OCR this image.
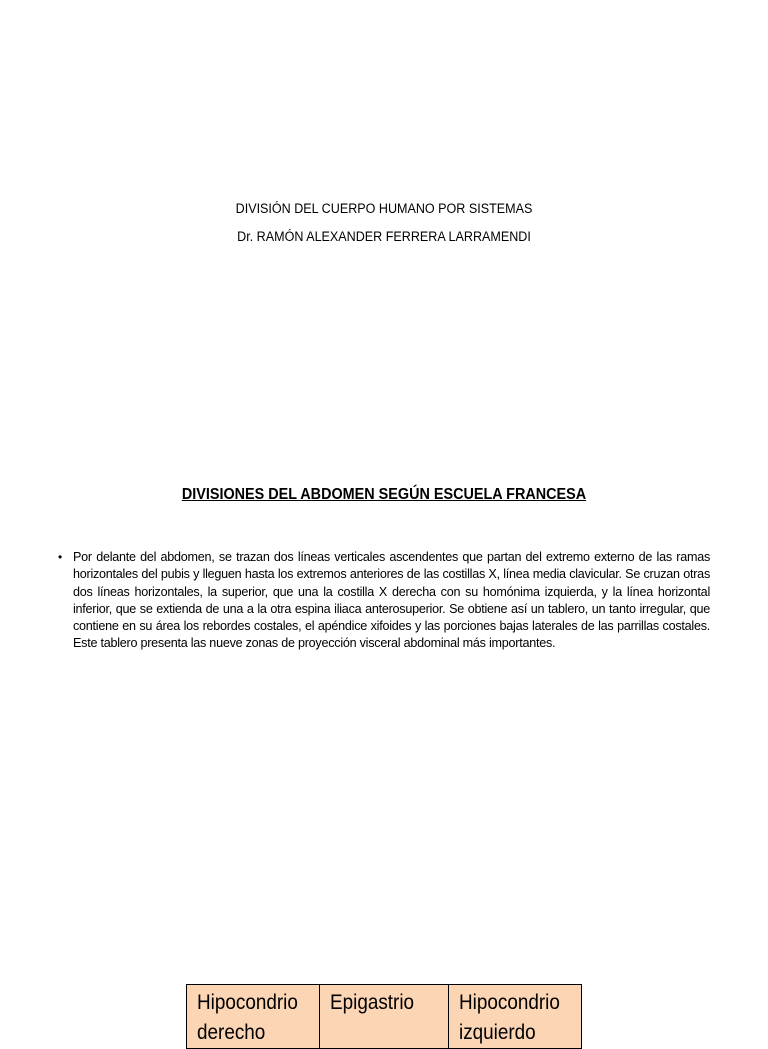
DIVISIÓN DEL CUERPO HUMANO POR SISTEMAS
Dr. RAMÓN ALEXANDER FERRERA LARRAMENDI
DIVISIONES DEL ABDOMEN SEGÚN ESCUELA FRANCESA
• Por delante del abdomen, se trazan dos líneas verticales ascendentes que partan del extremo externo de las ramas horizontales del pubis y lleguen hasta los extremos anteriores de las costillas X, línea media clavicular. Se cruzan otras dos líneas horizontales, la superior, que una la costilla X derecha con su homónima izquierda, y la línea horizontal inferior, que se extienda de una a la otra espina iliaca anterosuperior. Se obtiene así un tablero, un tanto irregular, que contiene en su área los rebordes costales, el apéndice xifoides y las porciones bajas laterales de las parrillas costales. Este tablero presenta las nueve zonas de proyección visceral abdominal más importantes.
Hipocondrio derecho	Epigastrio	Hipocondrio izquierdo
